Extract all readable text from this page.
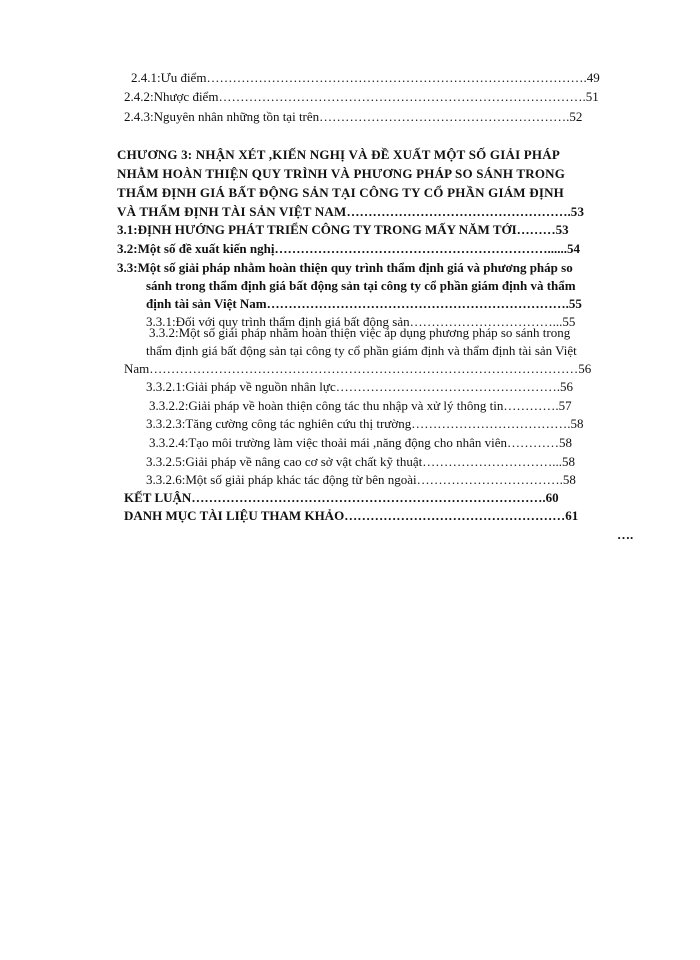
2.4.1:Ưu điểm…………………………………………………………………………….49
2.4.2:Nhược điểm………………………………………………………………………….51
2.4.3:Nguyên nhân những tồn tại trên………………………………………………….52
CHƯƠNG 3: NHẬN XÉT ,KIẾN NGHỊ VÀ ĐỀ XUẤT MỘT SỐ GIẢI PHÁP
NHẰM HOÀN THIỆN QUY TRÌNH VÀ PHƯƠNG PHÁP SO SÁNH TRONG
THẨM ĐỊNH GIÁ BẤT ĐỘNG SẢN TẠI CÔNG TY CỔ PHẦN GIÁM ĐỊNH
VÀ THẨM ĐỊNH TÀI SẢN VIỆT NAM…………………………………………….53
3.1:ĐỊNH HƯỚNG PHÁT TRIỂN CÔNG TY TRONG MẤY NĂM TỚI………53
3.2:Một số đề xuất kiến nghị………………………………………………………......54
3.3:Một số giải pháp nhằm hoàn thiện quy trình thẩm định giá và phương pháp so
sánh trong thẩm định giá bất động sản tại công ty cổ phần giám định và thẩm
định tài sản Việt Nam…………………………………………………………….55
3.3.1:Đối với quy trình thẩm định giá bất động sản……………………………...55
3.3.2:Một số giải pháp nhằm hoàn thiện việc áp dụng phương pháp so sánh trong
thẩm định giá bất động sản tại công ty cổ phần giám định và thẩm định tài sản Việt
Nam………………………………………………………………………………………56
3.3.2.1:Giải pháp về nguồn nhân lực…………………………………………….56
3.3.2.2:Giải pháp về hoàn thiện công tác thu nhập và xử lý thông tin………….57
3.3.2.3:Tăng cường công tác nghiên cứu thị trường……………………………….58
3.3.2.4:Tạo môi trường làm việc thoải mái ,năng động cho nhân viên…………58
3.3.2.5:Giải pháp về nâng cao cơ sở vật chất kỹ thuật…………………………...58
3.3.2.6:Một số giải pháp khác tác động từ bên ngoài…………………………….58
KẾT LUẬN……………………………………………………………………….60
DANH MỤC TÀI LIỆU THAM KHẢO……………………………………………61
….
